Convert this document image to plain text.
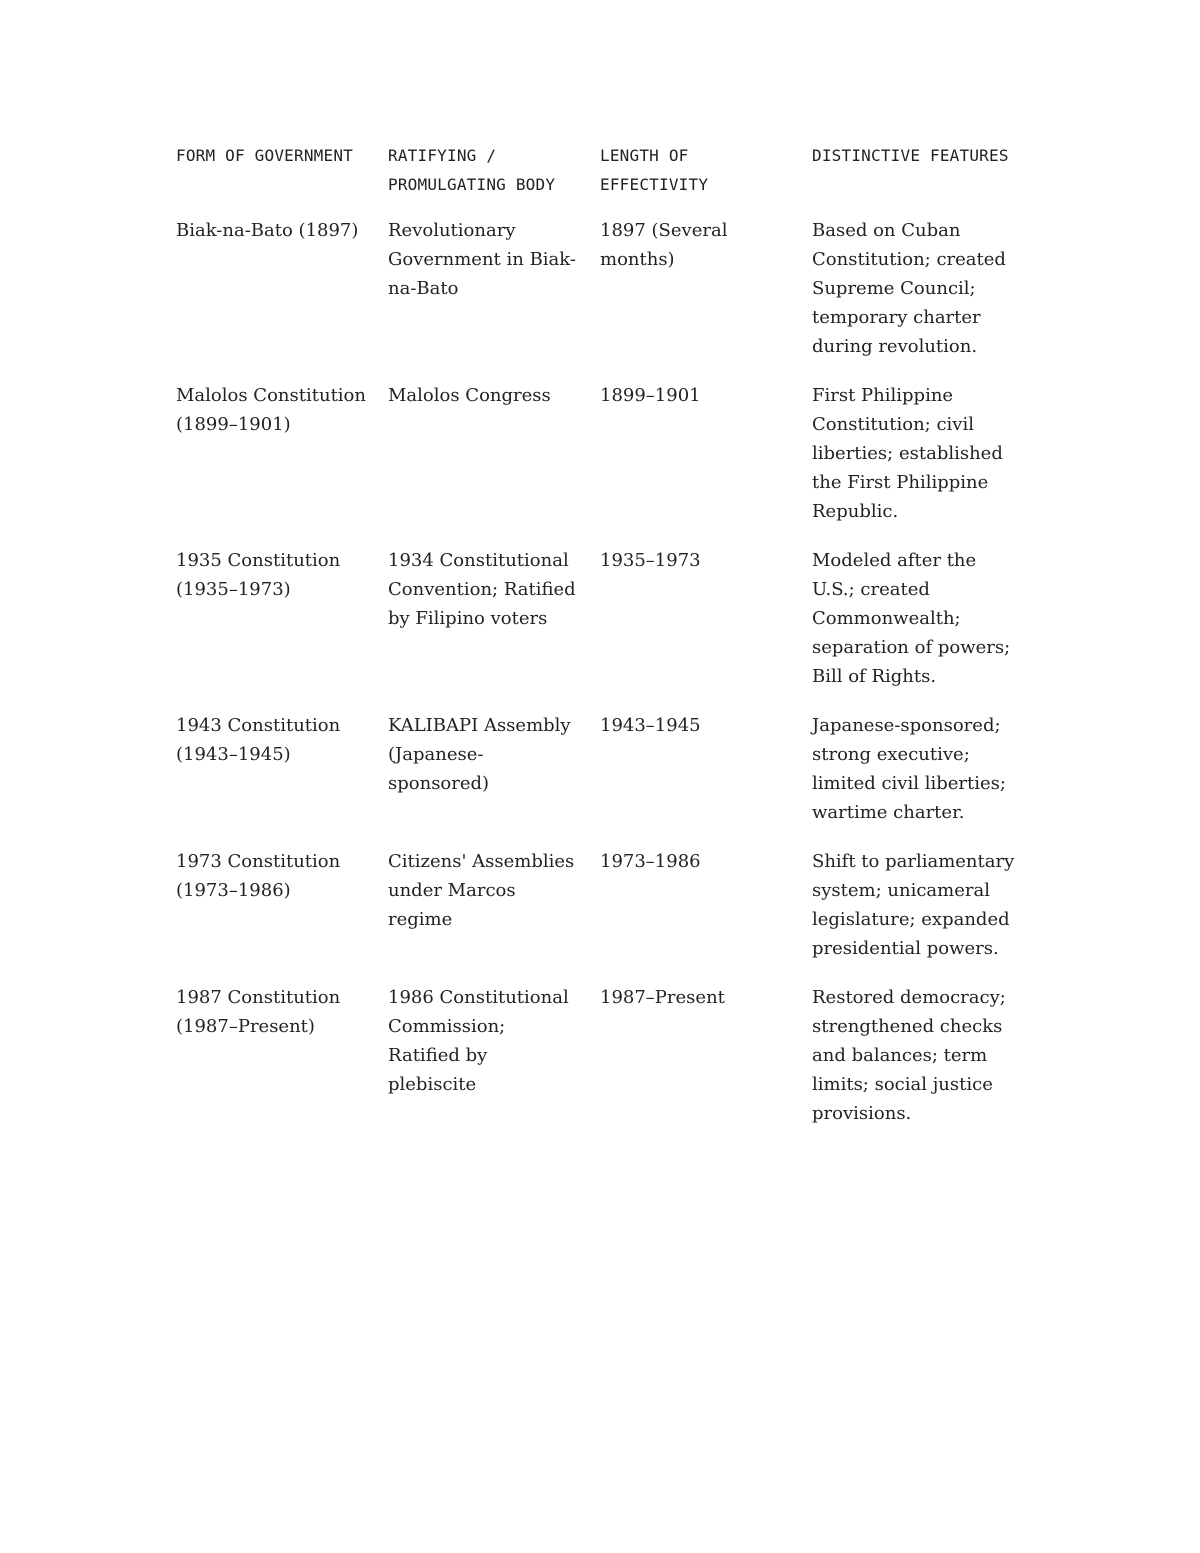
FORM OF GOVERNMENT	RATIFYING / PROMULGATING BODY	LENGTH OF EFFECTIVITY	DISTINCTIVE FEATURES
Biak-na-Bato (1897)	Revolutionary Government in Biak-na-Bato	1897 (Several months)	Based on Cuban Constitution; created Supreme Council; temporary charter during revolution.
Malolos Constitution (1899–1901)	Malolos Congress	1899–1901	First Philippine Constitution; civil liberties; established the First Philippine Republic.
1935 Constitution (1935–1973)	1934 Constitutional Convention; Ratified by Filipino voters	1935–1973	Modeled after the U.S.; created Commonwealth; separation of powers; Bill of Rights.
1943 Constitution (1943–1945)	KALIBAPI Assembly (Japanese-sponsored)	1943–1945	Japanese-sponsored; strong executive; limited civil liberties; wartime charter.
1973 Constitution (1973–1986)	Citizens' Assemblies under Marcos regime	1973–1986	Shift to parliamentary system; unicameral legislature; expanded presidential powers.
1987 Constitution (1987–Present)	1986 Constitutional Commission; Ratified by plebiscite	1987–Present	Restored democracy; strengthened checks and balances; term limits; social justice provisions.
